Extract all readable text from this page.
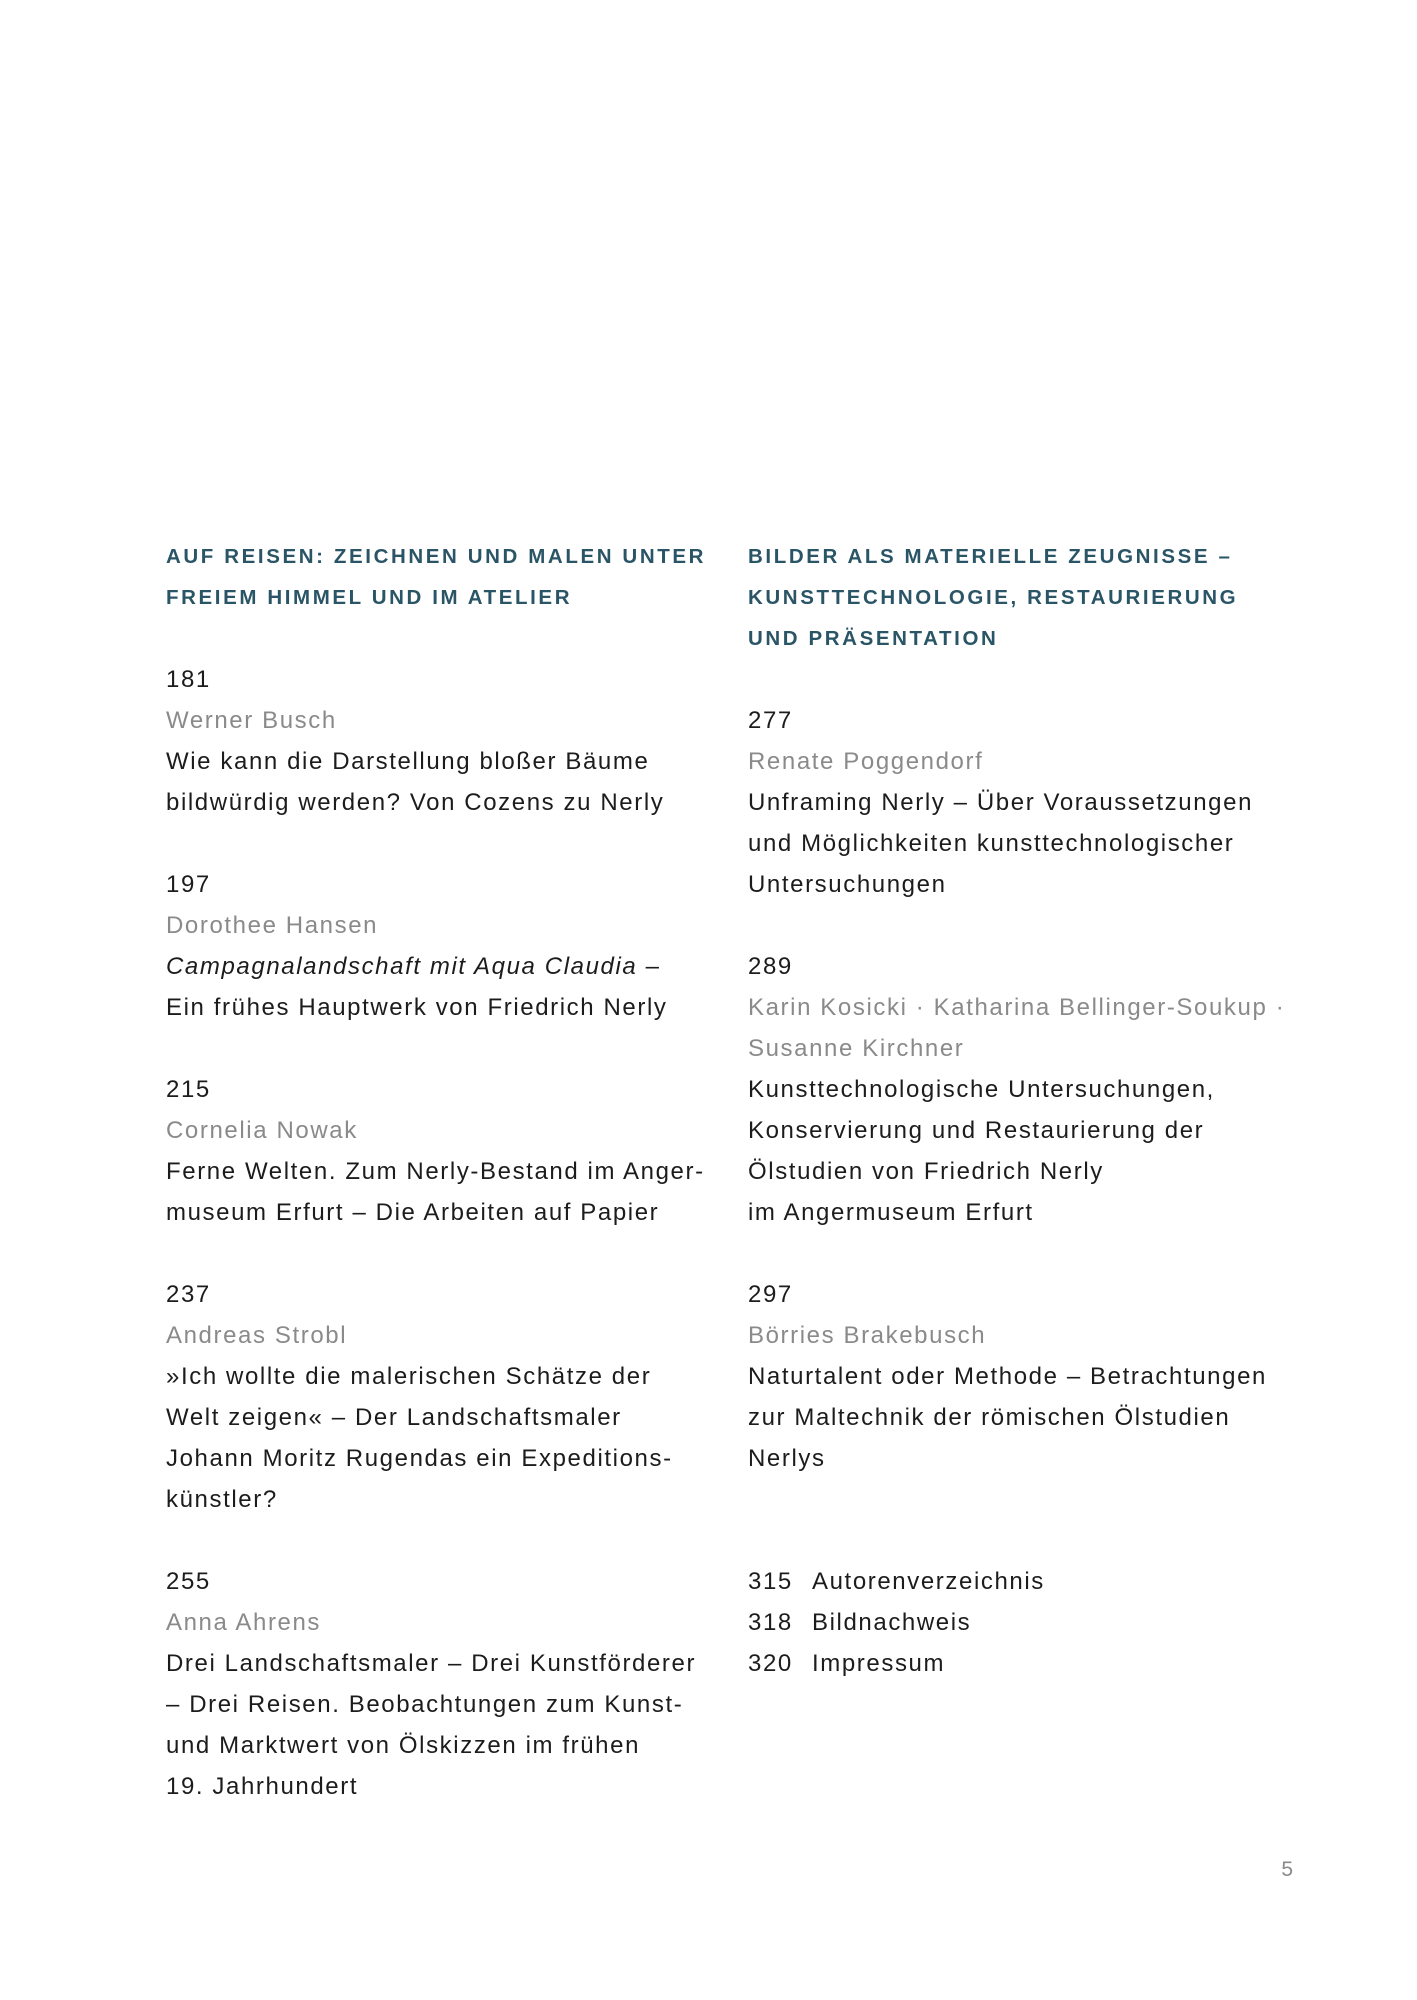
AUF REISEN: ZEICHNEN UND MALEN UNTER
FREIEM HIMMEL UND IM ATELIER
181
Werner Busch
Wie kann die Darstellung bloßer Bäume
bildwürdig werden? Von Cozens zu Nerly
197
Dorothee Hansen
Campagnalandschaft mit Aqua Claudia –
Ein frühes Hauptwerk von Friedrich Nerly
215
Cornelia Nowak
Ferne Welten. Zum Nerly-Bestand im Anger-
museum Erfurt – Die Arbeiten auf Papier
237
Andreas Strobl
»Ich wollte die malerischen Schätze der
Welt zeigen« – Der Landschaftsmaler
Johann Moritz Rugendas ein Expeditions-
künstler?
255
Anna Ahrens
Drei Landschaftsmaler – Drei Kunstförderer
– Drei Reisen. Beobachtungen zum Kunst-
und Marktwert von Ölskizzen im frühen
19. Jahrhundert
BILDER ALS MATERIELLE ZEUGNISSE –
KUNSTTECHNOLOGIE, RESTAURIERUNG
UND PRÄSENTATION
277
Renate Poggendorf
Unframing Nerly – Über Voraussetzungen
und Möglichkeiten kunsttechnologischer
Untersuchungen
289
Karin Kosicki · Katharina Bellinger-Soukup ·
Susanne Kirchner
Kunsttechnologische Untersuchungen,
Konservierung und Restaurierung der
Ölstudien von Friedrich Nerly
im Angermuseum Erfurt
297
Börries Brakebusch
Naturtalent oder Methode – Betrachtungen
zur Maltechnik der römischen Ölstudien
Nerlys
315 Autorenverzeichnis
318 Bildnachweis
320 Impressum
5
